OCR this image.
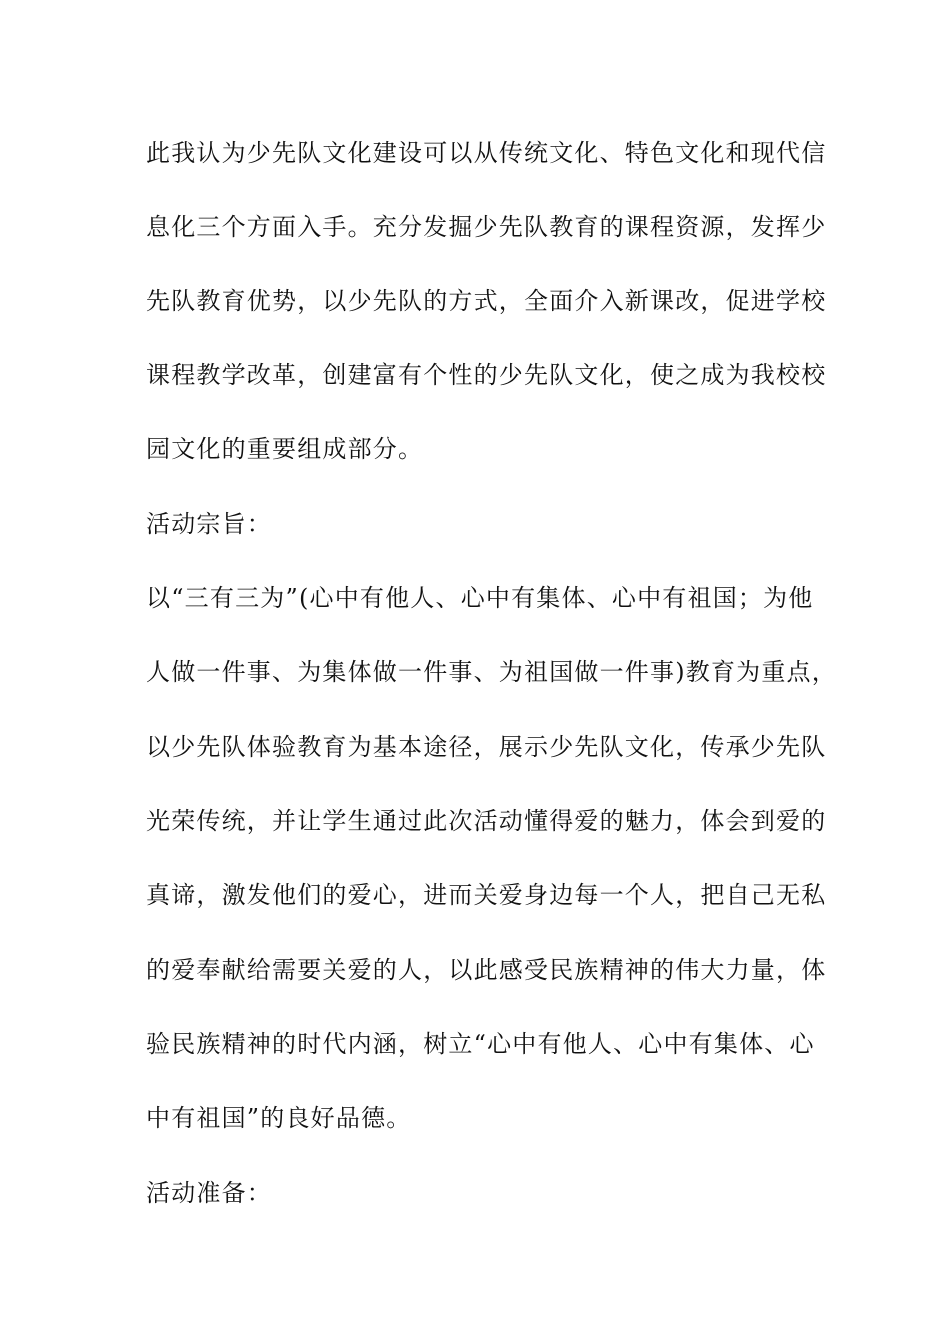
此我认为少先队文化建设可以从传统文化、特色文化和现代信
息化三个方面入手。充分发掘少先队教育的课程资源，发挥少
先队教育优势，以少先队的方式，全面介入新课改，促进学校
课程教学改革，创建富有个性的少先队文化，使之成为我校校
园文化的重要组成部分。
活动宗旨：
以“三有三为”(心中有他人、心中有集体、心中有祖国；为他
人做一件事、为集体做一件事、为祖国做一件事)教育为重点，
以少先队体验教育为基本途径，展示少先队文化，传承少先队
光荣传统，并让学生通过此次活动懂得爱的魅力，体会到爱的
真谛，激发他们的爱心，进而关爱身边每一个人，把自己无私
的爱奉献给需要关爱的人，以此感受民族精神的伟大力量，体
验民族精神的时代内涵，树立“心中有他人、心中有集体、心
中有祖国”的良好品德。
活动准备：
